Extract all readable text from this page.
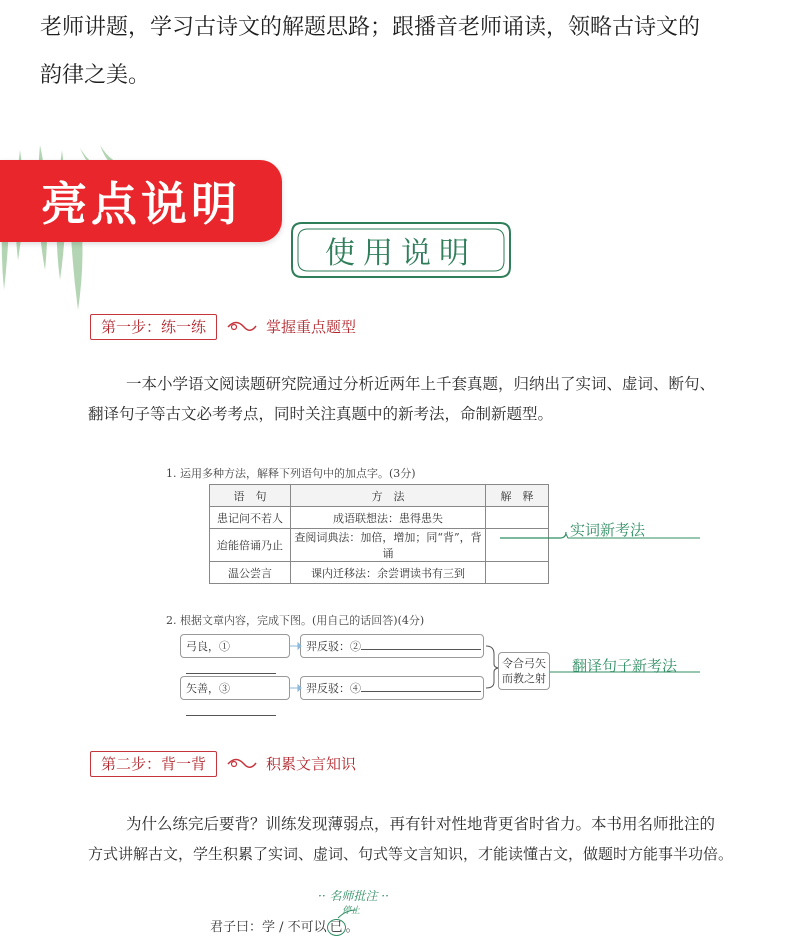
老师讲题，学习古诗文的解题思路；跟播音老师诵读，领略古诗文的
韵律之美。
亮点说明
使用说明
第一步：练一练	掌握重点题型
一本小学语文阅读题研究院通过分析近两年上千套真题，归纳出了实词、虚词、断句、
翻译句子等古文必考考点，同时关注真题中的新考法，命制新题型。
1. 运用多种方法，解释下列语句中的加点字。(3分)
语　句	方　法	解　释
患记问不若人	成语联想法：患得患失	
迨能倍诵乃止	查阅词典法：加倍，增加；同“背”，背诵	
温公尝言	课内迁移法：余尝谓读书有三到	
实词新考法
2. 根据文章内容，完成下图。(用自己的话回答)(4分)
弓良，①	羿反驳：②
矢善，③	羿反驳：④
令合弓矢
而教之射
翻译句子新考法
第二步：背一背	积累文言知识
为什么练完后要背？训练发现薄弱点，再有针对性地背更省时省力。本书用名师批注的
方式讲解古文，学生积累了实词、虚词、句式等文言知识，才能读懂古文，做题时方能事半功倍。
·· 名师批注 ··
君子曰：学 / 不可以 已 。
停止
